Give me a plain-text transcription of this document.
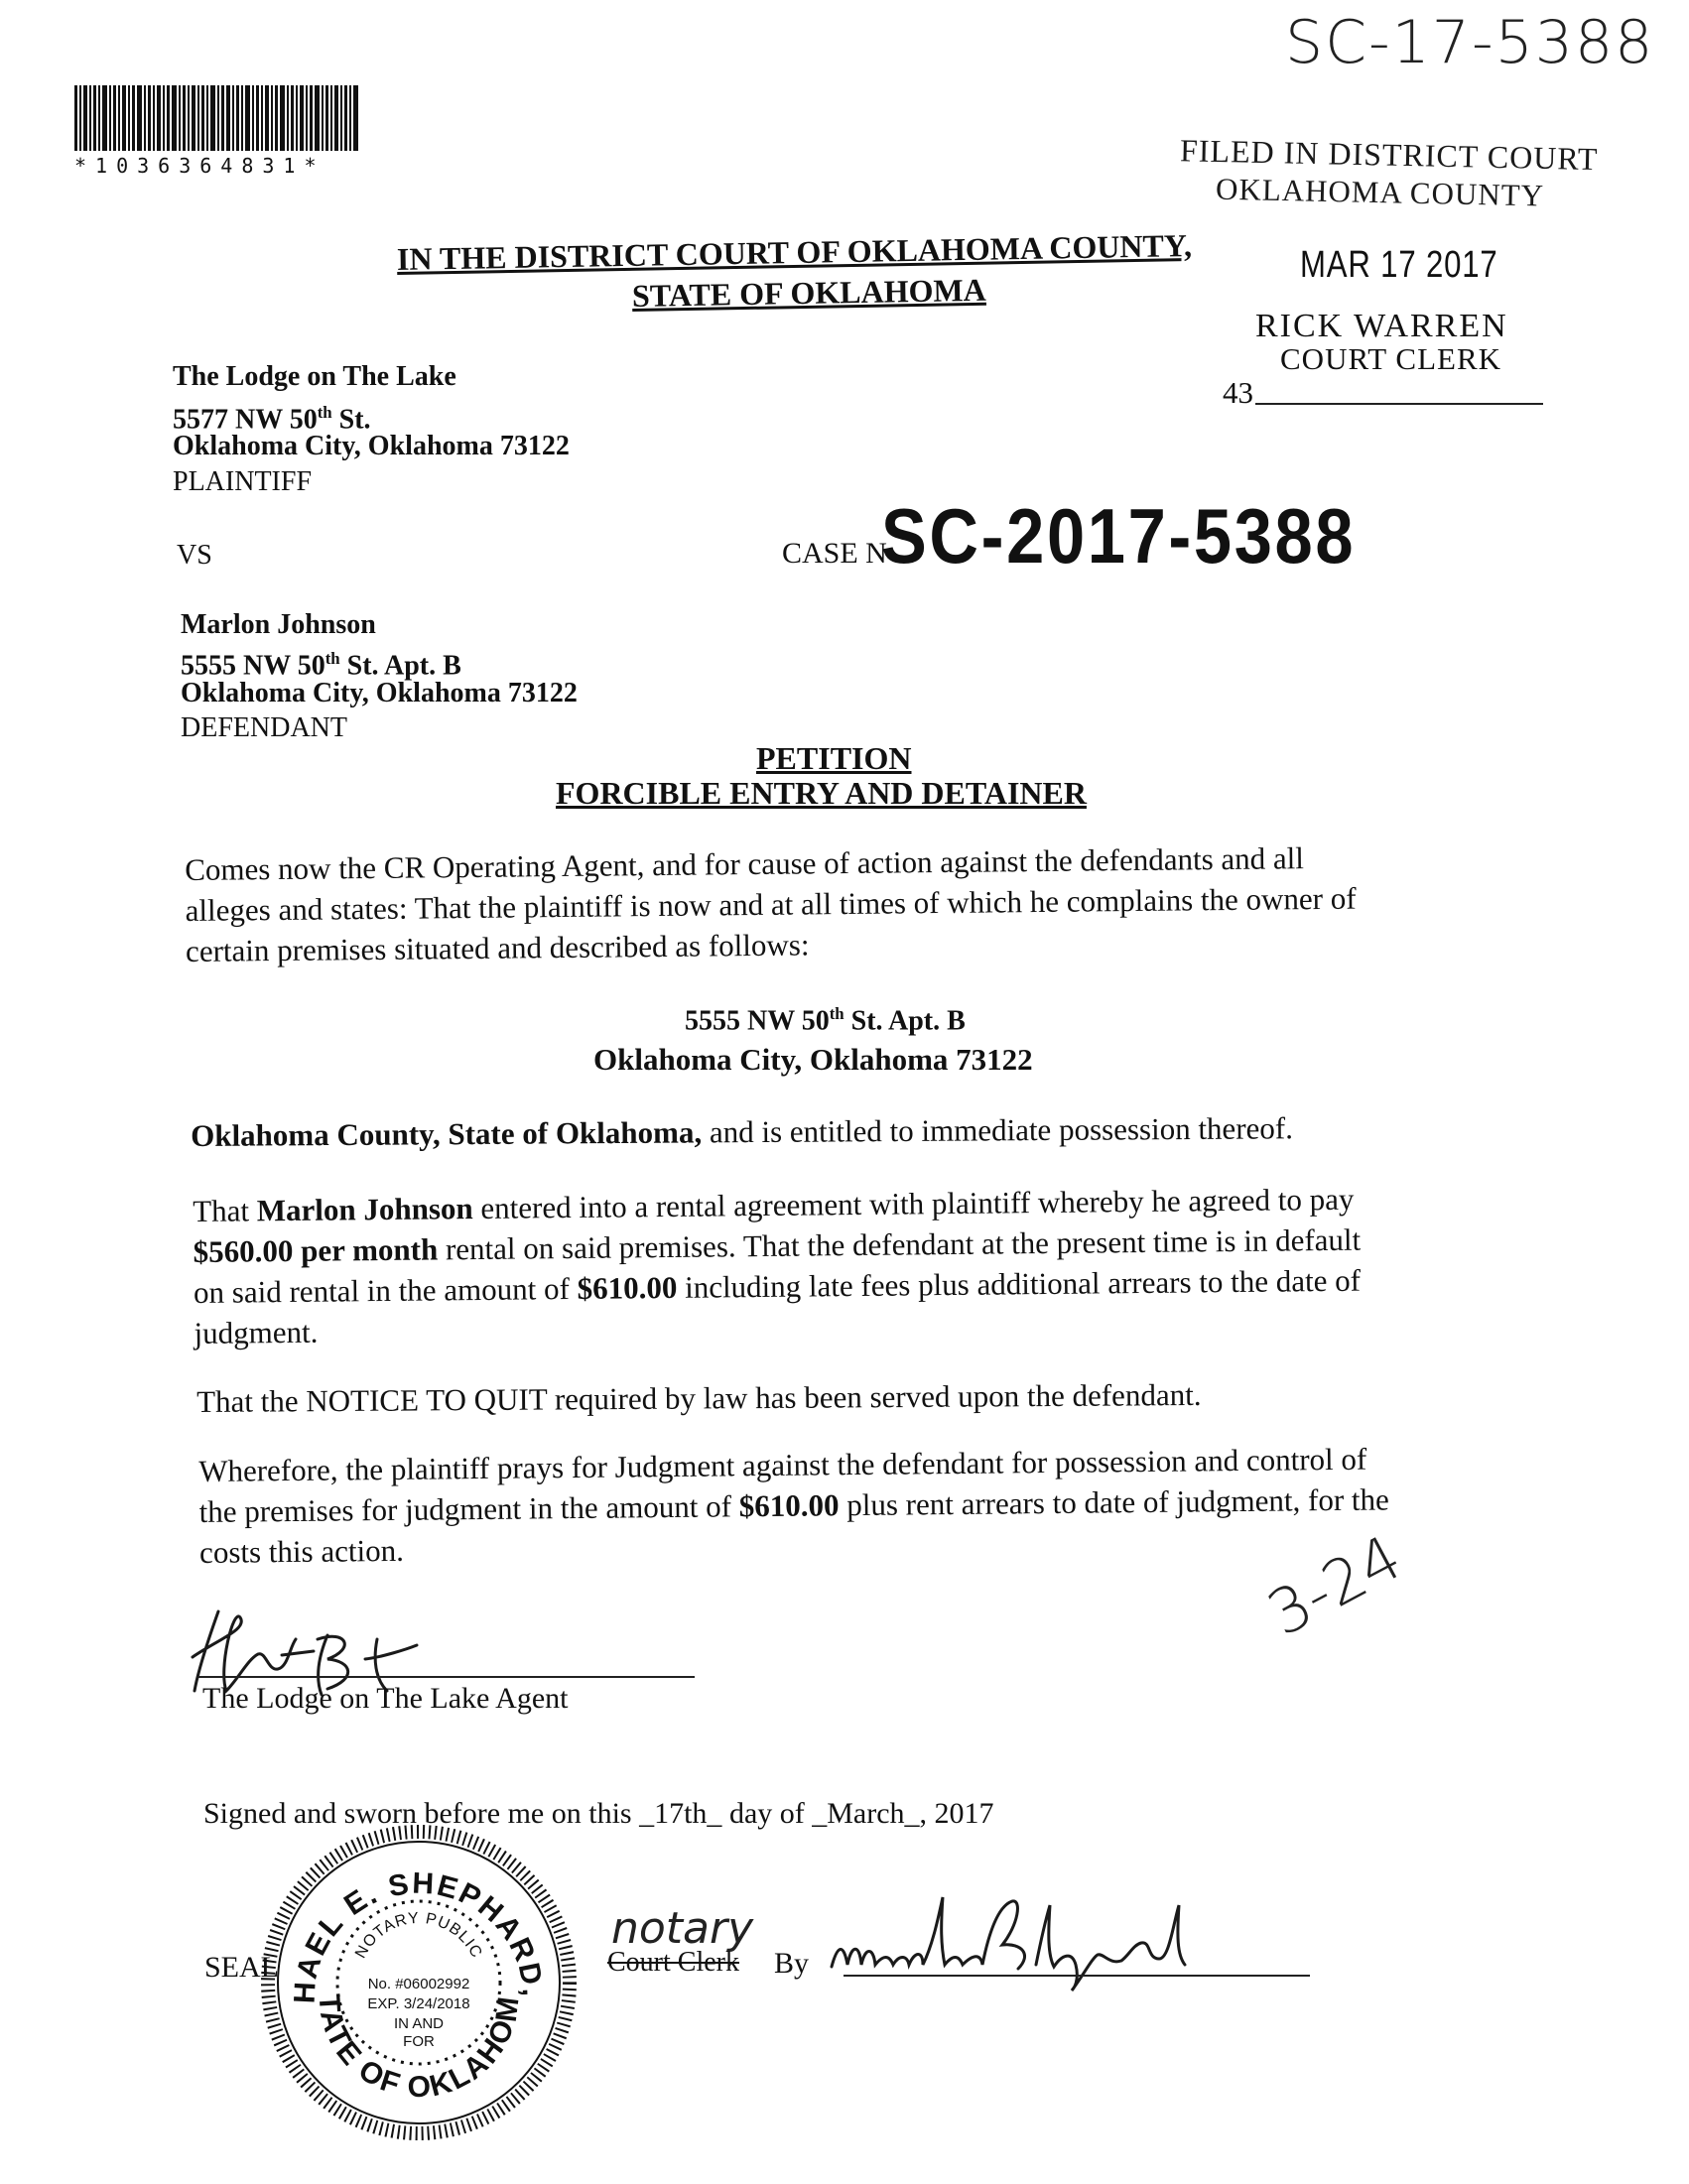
SC-17-5388
*1036364831*	FILED IN DISTRICT COURT
OKLAHOMA COUNTY
MAR 17 2017
RICK WARREN
COURT CLERK
43
IN THE DISTRICT COURT OF OKLAHOMA COUNTY,
STATE OF OKLAHOMA
The Lodge on The Lake
5577 NW 50th St.
Oklahoma City, Oklahoma 73122
PLAINTIFF
VS	CASE N
SC-2017-5388
Marlon Johnson
5555 NW 50th St. Apt. B
Oklahoma City, Oklahoma 73122
DEFENDANT
PETITION
FORCIBLE ENTRY AND DETAINER
Comes now the CR Operating Agent, and for cause of action against the defendants and all
alleges and states: That the plaintiff is now and at all times of which he complains the owner of
certain premises situated and described as follows:
5555 NW 50th St. Apt. B
Oklahoma City, Oklahoma 73122
Oklahoma County, State of Oklahoma, and is entitled to immediate possession thereof.
That Marlon Johnson entered into a rental agreement with plaintiff whereby he agreed to pay
$560.00 per month rental on said premises. That the defendant at the present time is in default
on said rental in the amount of $610.00 including late fees plus additional arrears to the date of
judgment.
That the NOTICE TO QUIT required by law has been served upon the defendant.
Wherefore, the plaintiff prays for Judgment against the defendant for possession and control of
the premises for judgment in the amount of $610.00 plus rent arrears to date of judgment, for the
costs this action.	3-24
The Lodge on The Lake Agent
Signed and sworn before me on this _17th_ day of _March_, 2017
SEAL
HAEL E. SHEPHARD,
TATE OF OKLAHOM
NOTARY PUBLIC
No. #06002992
EXP. 3/24/2018
IN AND
FOR
notary
Court Clerk By
